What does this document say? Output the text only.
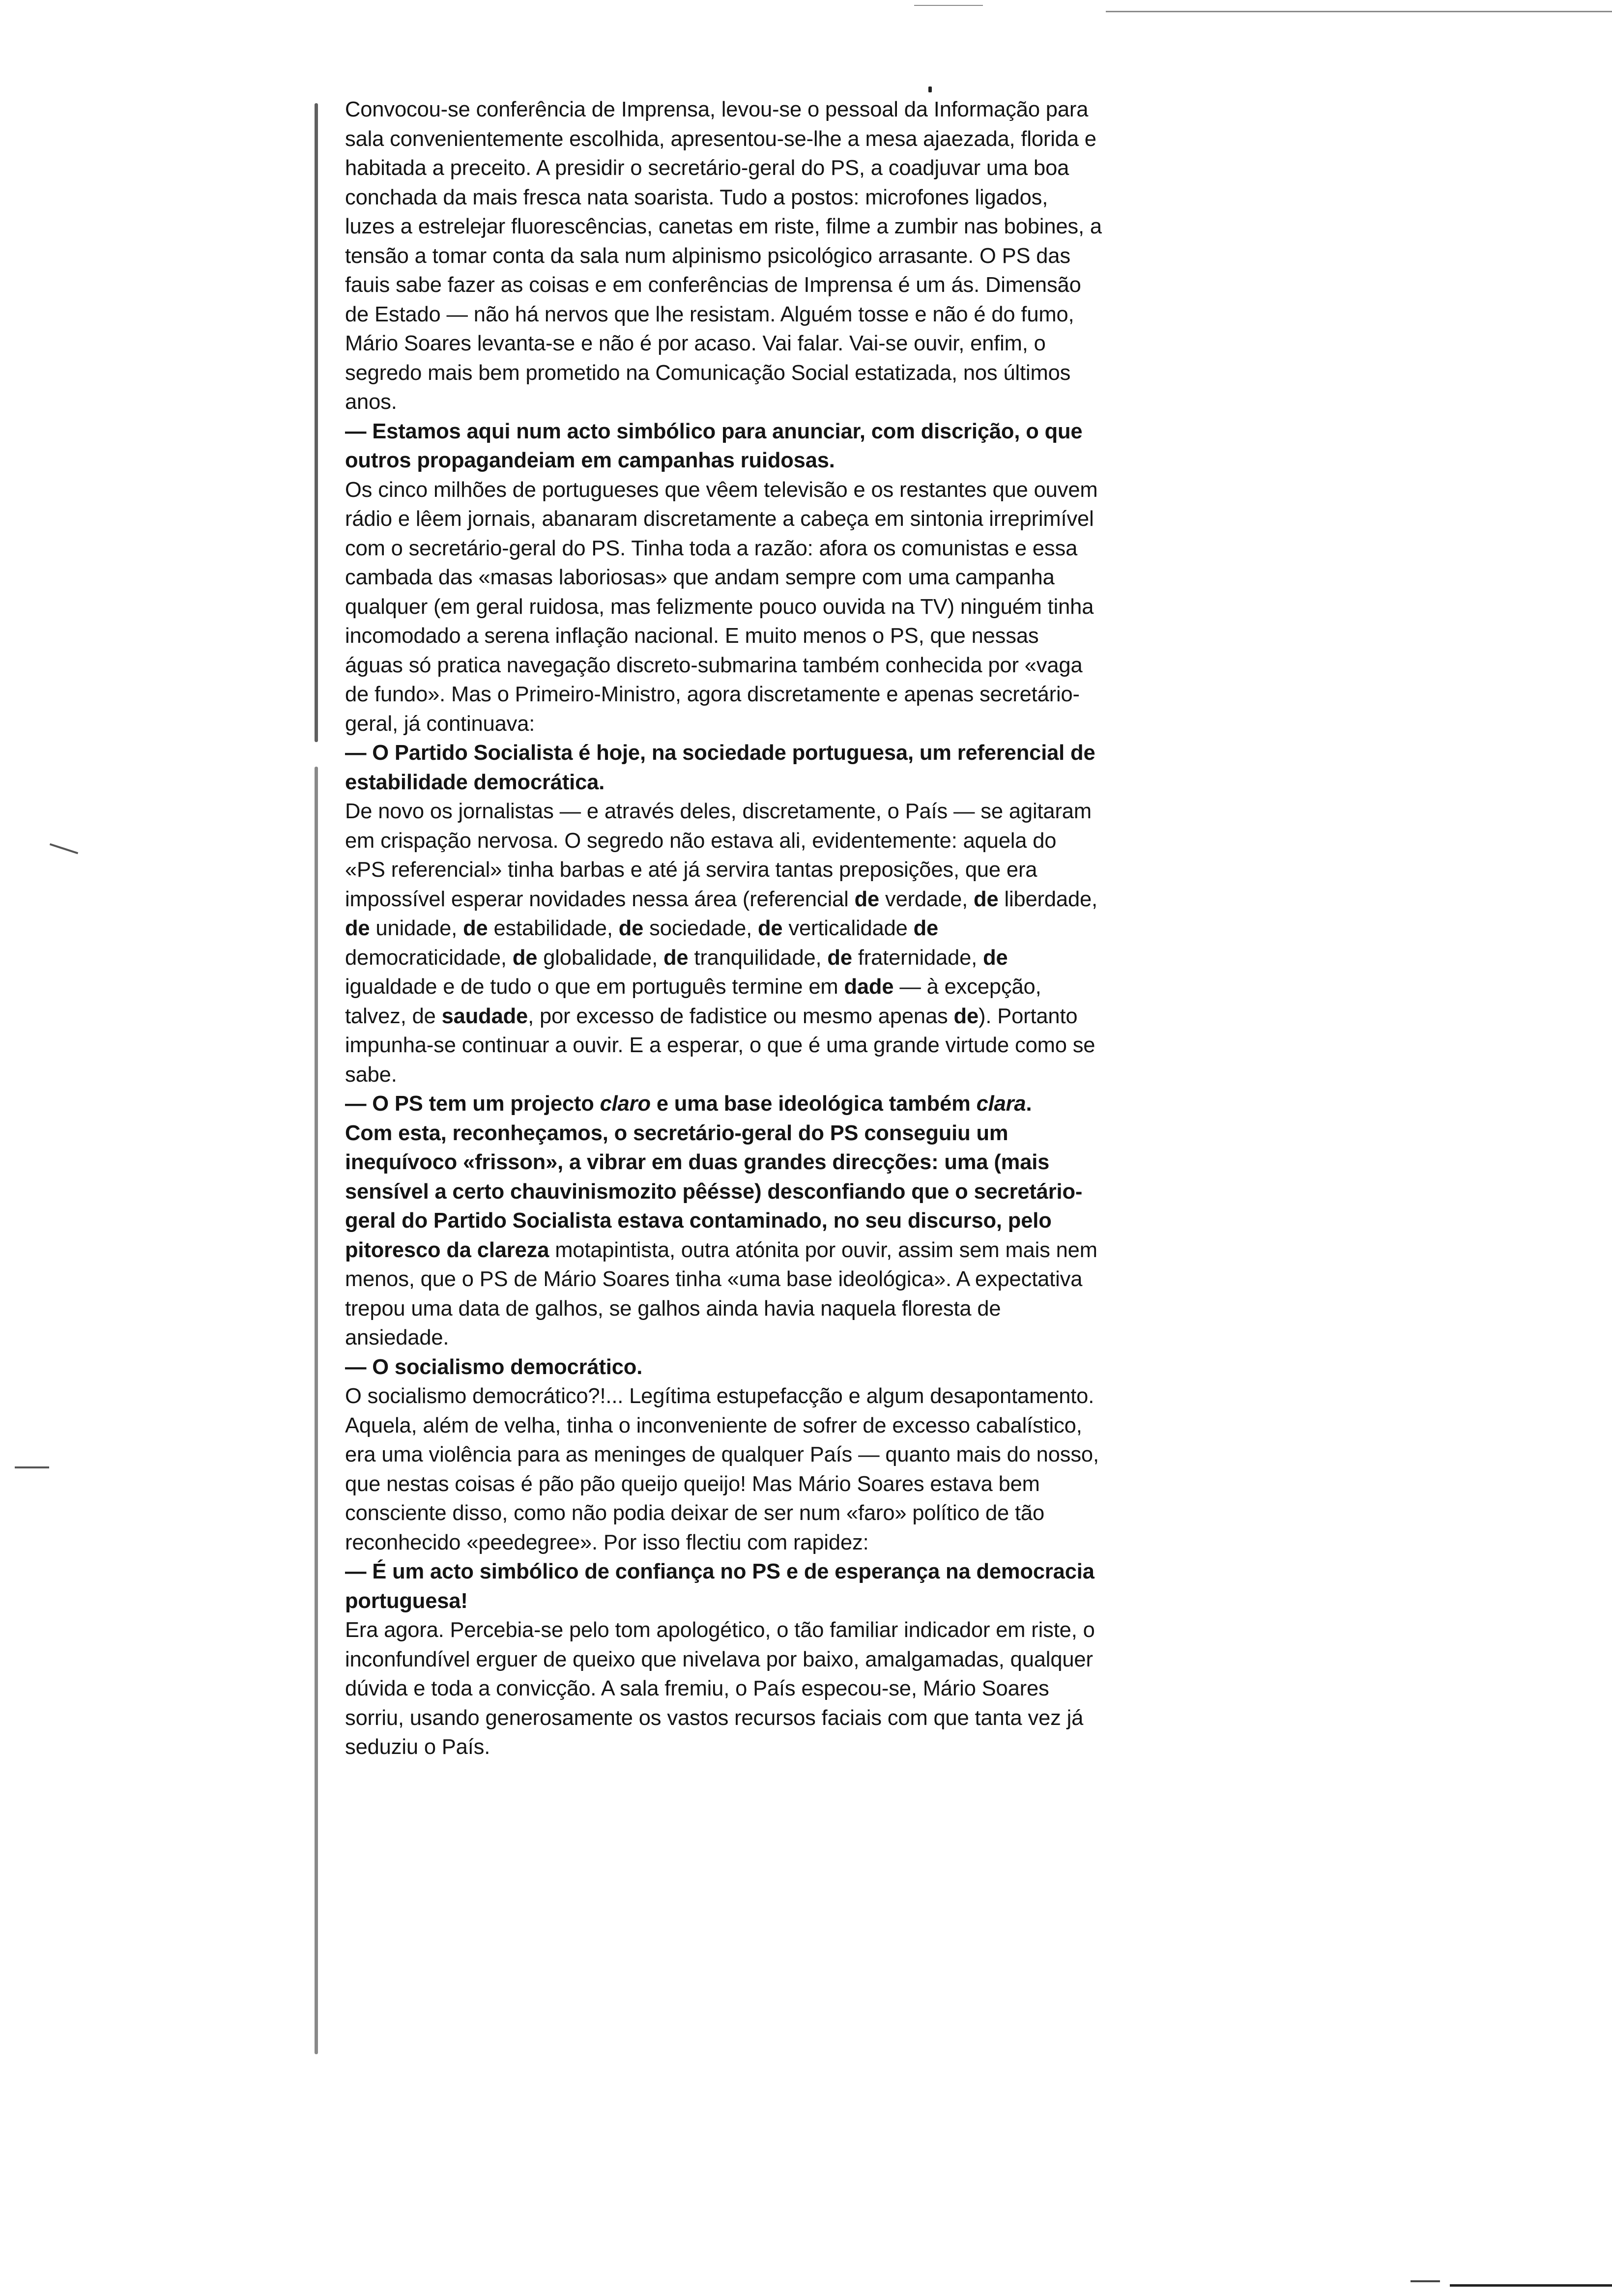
Convocou-se conferência de Imprensa, levou-se o pessoal da Informação para sala convenientemente escolhida, apresentou-se-lhe a mesa ajaezada, florida e habitada a preceito. A presidir o secretário-geral do PS, a coadjuvar uma boa conchada da mais fresca nata soarista. Tudo a postos: microfones ligados, luzes a estrelejar fluorescências, canetas em riste, filme a zumbir nas bobines, a tensão a tomar conta da sala num alpinismo psicológico arrasante. O PS das fauis sabe fazer as coisas e em conferências de Imprensa é um ás. Dimensão de Estado — não há nervos que lhe resistam. Alguém tosse e não é do fumo, Mário Soares levanta-se e não é por acaso. Vai falar. Vai-se ouvir, enfim, o segredo mais bem prometido na Comunicação Social estatizada, nos últimos anos.

— Estamos aqui num acto simbólico para anunciar, com discrição, o que outros propagandeiam em campanhas ruidosas.

Os cinco milhões de portugueses que vêem televisão e os restantes que ouvem rádio e lêem jornais, abanaram discretamente a cabeça em sintonia irreprimível com o secretário-geral do PS. Tinha toda a razão: afora os comunistas e essa cambada das «masas laboriosas» que andam sempre com uma campanha qualquer (em geral ruidosa, mas felizmente pouco ouvida na TV) ninguém tinha incomodado a serena inflação nacional. E muito menos o PS, que nessas águas só pratica navegação discreto-submarina também conhecida por «vaga de fundo». Mas o Primeiro-Ministro, agora discretamente e apenas secretário-geral, já continuava:

— O Partido Socialista é hoje, na sociedade portuguesa, um referencial de estabilidade democrática.

De novo os jornalistas — e através deles, discretamente, o País — se agitaram em crispação nervosa. O segredo não estava ali, evidentemente: aquela do «PS referencial» tinha barbas e até já servira tantas preposições, que era impossível esperar novidades nessa área (referencial de verdade, de liberdade, de unidade, de estabilidade, de sociedade, de verticalidade de democraticidade, de globalidade, de tranquilidade, de fraternidade, de igualdade e de tudo o que em português termine em dade — à excepção, talvez, de saudade, por excesso de fadistice ou mesmo apenas de). Portanto impunha-se continuar a ouvir. E a esperar, o que é uma grande virtude como se sabe.

— O PS tem um projecto claro e uma base ideológica também clara.

Com esta, reconheçamos, o secretário-geral do PS conseguiu um inequívoco «frisson», a vibrar em duas grandes direcções: uma (mais sensível a certo chauvinismozito pêésse) desconfiando que o secretário-geral do Partido Socialista estava contaminado, no seu discurso, pelo pitoresco da clareza motapintista, outra atónita por ouvir, assim sem mais nem menos, que o PS de Mário Soares tinha «uma base ideológica». A expectativa trepou uma data de galhos, se galhos ainda havia naquela floresta de ansiedade.

— O socialismo democrático.

O socialismo democrático?!... Legítima estupefacção e algum desapontamento. Aquela, além de velha, tinha o inconveniente de sofrer de excesso cabalístico, era uma violência para as meninges de qualquer País — quanto mais do nosso, que nestas coisas é pão pão queijo queijo! Mas Mário Soares estava bem consciente disso, como não podia deixar de ser num «faro» político de tão reconhecido «peedegree». Por isso flectiu com rapidez:

— É um acto simbólico de confiança no PS e de esperança na democracia portuguesa!

Era agora. Percebia-se pelo tom apologético, o tão familiar indicador em riste, o inconfundível erguer de queixo que nivelava por baixo, amalgamadas, qualquer dúvida e toda a convicção. A sala fremiu, o País especou-se, Mário Soares sorriu, usando generosamente os vastos recursos faciais com que tanta vez já seduziu o País.
